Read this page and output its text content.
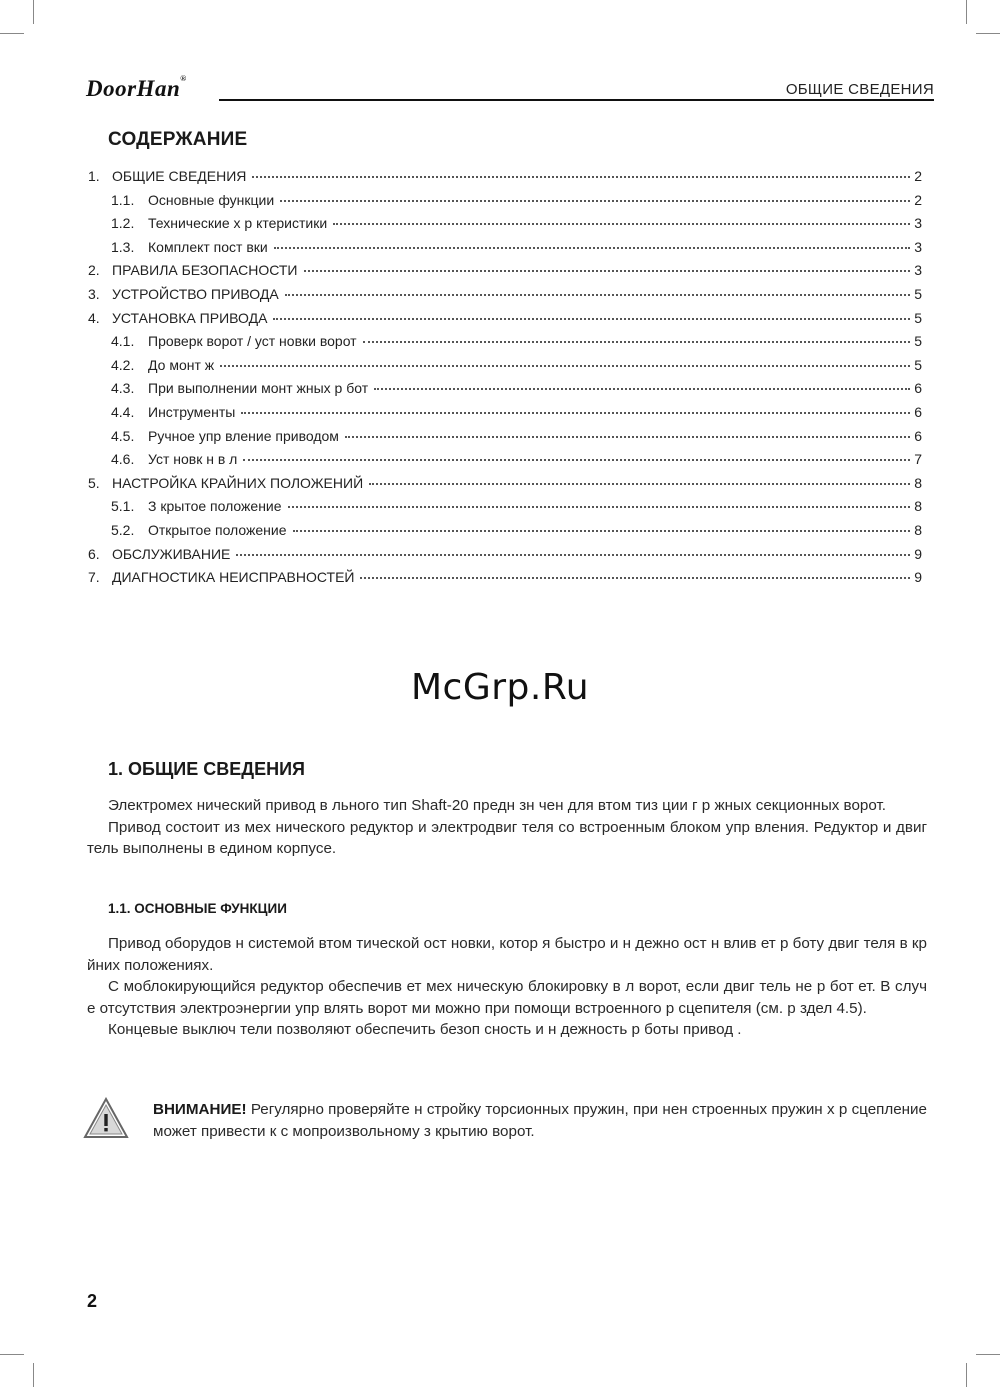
DoorHan®
ОБЩИЕ СВЕДЕНИЯ
СОДЕРЖАНИЕ
1. ОБЩИЕ СВЕДЕНИЯ	2
1.1. Основные функции	2
1.2. Технические х р ктеристики	3
1.3. Комплект пост вки	3
2. ПРАВИЛА БЕЗОПАСНОСТИ	3
3. УСТРОЙСТВО ПРИВОДА	5
4. УСТАНОВКА ПРИВОДА	5
4.1. Проверк ворот / уст новки ворот	5
4.2. До монт ж	5
4.3. При выполнении монт жных р бот	6
4.4. Инструменты	6
4.5. Ручное упр вление приводом	6
4.6. Уст новк н в л	7
5. НАСТРОЙКА КРАЙНИХ ПОЛОЖЕНИЙ	8
5.1. З крытое положение	8
5.2. Открытое положение	8
6. ОБСЛУЖИВАНИЕ	9
7. ДИАГНОСТИКА НЕИСПРАВНОСТЕЙ	9
McGrp.Ru
1. ОБЩИЕ СВЕДЕНИЯ

Электромех нический привод в льного тип Shaft-20 предн зн чен для втом тиз ции г р жных секционных ворот.

Привод состоит из мех нического редуктор и электродвиг теля со встроенным блоком упр вления. Редуктор и двиг тель выполнены в едином корпусе.

1.1. ОСНОВНЫЕ ФУНКЦИИ

Привод оборудов н системой втом тической ост новки, котор я быстро и н дежно ост н влив ет р боту двиг теля в кр йних положениях.

С моблокирующийся редуктор обеспечив ет мех ническую блокировку в л ворот, если двиг тель не р бот ет. В случ е отсутствия электроэнергии упр влять ворот ми можно при помощи встроенного р сцепителя (см. р здел 4.5).

Концевые выключ тели позволяют обеспечить безоп сность и н дежность р боты привод .

ВНИМАНИЕ! Регулярно проверяйте н стройку торсионных пружин, при нен строенных пружин х р сцепление может привести к с мопроизвольному з крытию ворот.
2
